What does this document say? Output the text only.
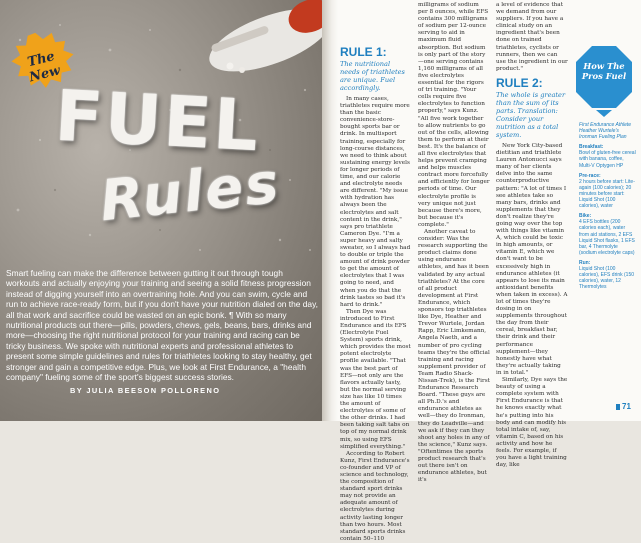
The New
FUEL
Rules
Smart fueling can make the difference between gutting it out through tough workouts and actually enjoying your training and seeing a solid fitness progression instead of digging yourself into an overtraining hole. And you can swim, cycle and run to achieve race-ready form, but if you don't have your nutrition dialed on the day, all that work and sacrifice could be wasted on an epic bonk. ¶ With so many nutritional products out there—pills, powders, chews, gels, beans, bars, drinks and more—choosing the right nutritional protocol for your training and racing can be tricky business. We spoke with nutritional experts and professional athletes to present some simple guidelines and rules for triathletes looking to stay healthy, get stronger and gain a competitive edge. Plus, we look at First Endurance, a "health company" fueling some of the sport's biggest success stories.
BY JULIA BEESON POLLORENO
RULE 1:
The nutritional needs of triathletes are unique. Fuel accordingly.

In many cases, triathletes require more than the basic convenience-store-bought sports bar or drink. In multisport training, especially for long-course distances, we need to think about sustaining energy levels for longer periods of time, and our calorie and electrolyte needs are different. "My issue with hydration has always been the electrolytes and salt content in the drink," says pro triathlete Cameron Dye. "I'm a super heavy and salty sweater, so I always had to double or triple the amount of drink powder to get the amount of electrolytes that I was going to need, and when you do that the drink tastes so bad it's hard to drink."

Then Dye was introduced to First Endurance and its EFS (Electrolyte Fuel System) sports drink, which provides the most potent electrolyte profile available. "That was the best part of EFS—not only are the flavors actually tasty, but the normal serving size has like 10 times the amount of electrolytes of some of the other drinks. I had been taking salt tabs on top of my normal drink mix, so using EFS simplified everything."

According to Robert Kunz, First Endurance's co-founder and VP of science and technology, the composition of standard sport drinks may not provide an adequate amount of electrolytes during activity lasting longer than two hours. Most standard sports drinks contain 50–110

milligrams of sodium per 8 ounces, while EFS contains 300 milligrams of sodium per 12-ounce serving to aid in maximum fluid absorption. But sodium is only part of the story—one serving contains 1,160 milligrams of all five electrolytes essential for the rigors of tri training. "Your cells require five electrolytes to function properly," says Kunz. "All five work together to allow nutrients to go out of the cells, allowing them to perform at their best. It's the balance of all five electrolytes that helps prevent cramping and helps muscles contract more forcefully and efficiently for longer periods of time. Our electrolyte profile is very unique not just because there's more, but because it's complete."

Another caveat to consider: Was the research supporting the product claims done using endurance athletes, and has it been validated by any actual triathletes? At the core of all product development at First Endurance, which sponsors top triathletes like Dye, Heather and Trevor Wurtele, Jordan Rapp, Eric Limkemann, Angela Naeth, and a number of pro cycling teams they're the official training and racing supplement provider of Team Radio Shack-Nissan-Trek), is the First Endurance Research Board. "These guys are all Ph.D.'s and endurance athletes as well—they do Ironman, they do Leadville—and we ask if they can they shoot any holes in any of the science," Kunz says. "Oftentimes the sports product research that's out there isn't on endurance athletes, but it's

a level of evidence that we demand from our suppliers. If you have a clinical study on an ingredient that's been done on trained triathletes, cyclists or runners, then we can use the ingredient in our product."

RULE 2:
The whole is greater than the sum of its parts. Translation: Consider your nutrition as a total system.

New York City-based dietitian and triathlete Lauren Antonucci says many of her clients delve into the same counterproductive pattern: "A lot of times I see athletes take so many bars, drinks and supplements that they don't realize they're going way over the top with things like vitamin A, which could be toxic in high amounts, or vitamin E, which we don't want to be excessively high in endurance athletes (it appears to lose its main antioxidant benefits when taken in excess). A lot of times they're dosing in on supplements throughout the day from their cereal, breakfast bar, their drink and their performance supplement—they honestly have what they're actually taking in in total."

Similarly, Dye says the beauty of using a complete system with First Endurance is that he knows exactly what he's putting into his body and can modify his total intake of, say, vitamin C, based on his activity and how he feels. For example, if you have a light training day, like

How The Pros Fuel
First Endurance Athlete Heather Wurtele's Ironman Fueling Plan
Breakfast:
Bowl of gluten-free cereal with banana, coffee, Multi-V Optygen HP
Pre-race:
2 hours before start: Lite-again (100 calories); 20 minutes before start: Liquid Shot (100 calories), water
Bike:
4 EFS bottles (200 calories each), water from aid stations, 2 EFS Liquid Shot flasks, 1 EFS bar, 4 Thermolyte (sodium electrolyte caps)
Run:
Liquid Shot (100 calories), EFS drink (150 calories), water, 12 Thermolytes
71
